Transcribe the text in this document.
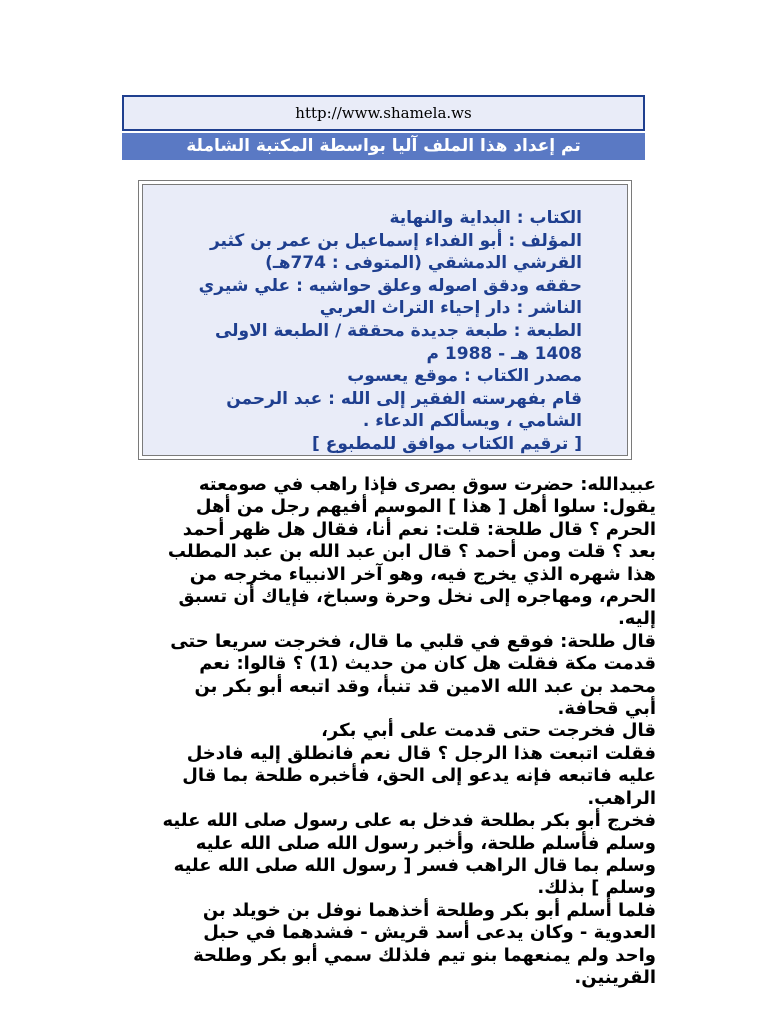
http://www.shamela.ws
تم إعداد هذا الملف آليا بواسطة المكتبة الشاملة
الكتاب : البداية والنهاية
المؤلف : أبو الفداء إسماعيل بن عمر بن كثير
القرشي الدمشقي (المتوفى : 774هـ)
حققه ودقق اصوله وعلق حواشيه : علي شيري
الناشر : دار إحياء التراث العربي
الطبعة : طبعة جديدة محققة / الطبعة الاولى
1408 هـ - 1988 م
مصدر الكتاب : موقع يعسوب
قام بفهرسته الفقير إلى الله : عبد الرحمن
الشامي ، ويسألكم الدعاء .
[ ترقيم الكتاب موافق للمطبوع ]
عبيدالله: حضرت سوق بصرى فإذا راهب في صومعته
يقول: سلوا أهل [ هذا ] الموسم أفيهم رجل من أهل
الحرم ؟ قال طلحة: قلت: نعم أنا، فقال هل ظهر أحمد
بعد ؟ قلت ومن أحمد ؟ قال ابن عبد الله بن عبد المطلب
هذا شهره الذي يخرج فيه، وهو آخر الانبياء مخرجه من
الحرم، ومهاجره إلى نخل وحرة وسباخ، فإياك أن تسبق
إليه.
قال طلحة: فوقع في قلبي ما قال، فخرجت سريعا حتى
قدمت مكة فقلت هل كان من حديث (1) ؟ قالوا: نعم
محمد بن عبد الله الامين قد تنبأ، وقد اتبعه أبو بكر بن
أبي قحافة.
قال فخرجت حتى قدمت على أبي بكر،
فقلت اتبعت هذا الرجل ؟ قال نعم فانطلق إليه فادخل
عليه فاتبعه فإنه يدعو إلى الحق، فأخبره طلحة بما قال
الراهب.
فخرج أبو بكر بطلحة فدخل به على رسول صلى الله عليه
وسلم فأسلم طلحة، وأخبر رسول الله صلى الله عليه
وسلم بما قال الراهب فسر [ رسول الله صلى الله عليه
وسلم ] بذلك.
فلما أسلم أبو بكر وطلحة أخذهما نوفل بن خويلد بن
العدوية - وكان يدعى أسد قريش - فشدهما في حبل
واحد ولم يمنعهما بنو تيم فلذلك سمي أبو بكر وطلحة
القرينين.
